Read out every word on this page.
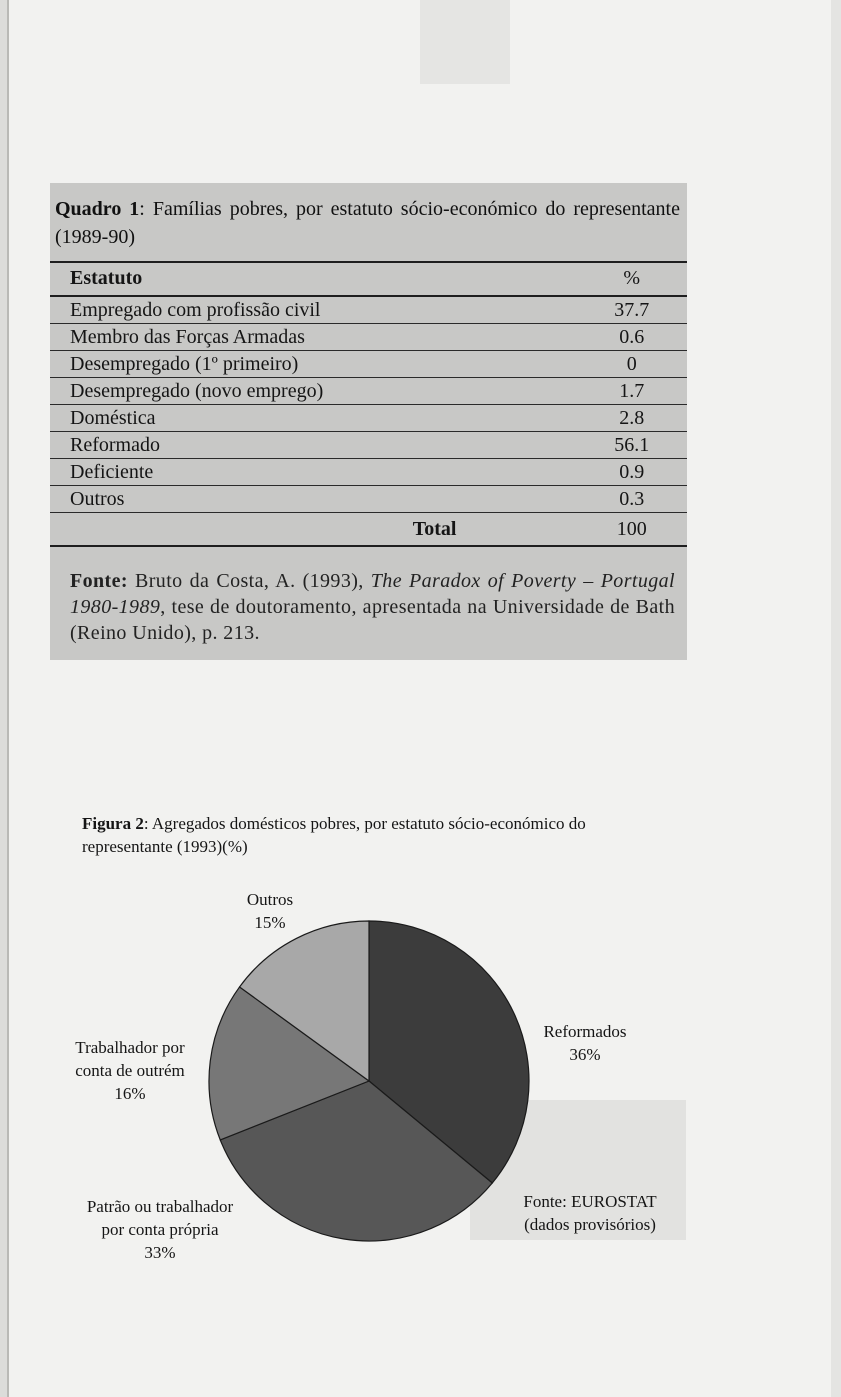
Quadro 1: Famílias pobres, por estatuto sócio-económico do representante (1989-90)

Estatuto	%
Empregado com profissão civil	37.7
Membro das Forças Armadas	0.6
Desempregado (1º primeiro)	0
Desempregado (novo emprego)	1.7
Doméstica	2.8
Reformado	56.1
Deficiente	0.9
Outros	0.3
Total	100

Fonte: Bruto da Costa, A. (1993), The Paradox of Poverty – Portugal 1980-1989, tese de doutoramento, apresentada na Universidade de Bath (Reino Unido), p. 213.

Figura 2: Agregados domésticos pobres, por estatuto sócio-económico do representante (1993)(%)

Reformados
36%
Patrão ou trabalhador
por conta própria
33%
Trabalhador por
conta de outrém
16%
Outros
15%
Fonte: EUROSTAT
(dados provisórios)
